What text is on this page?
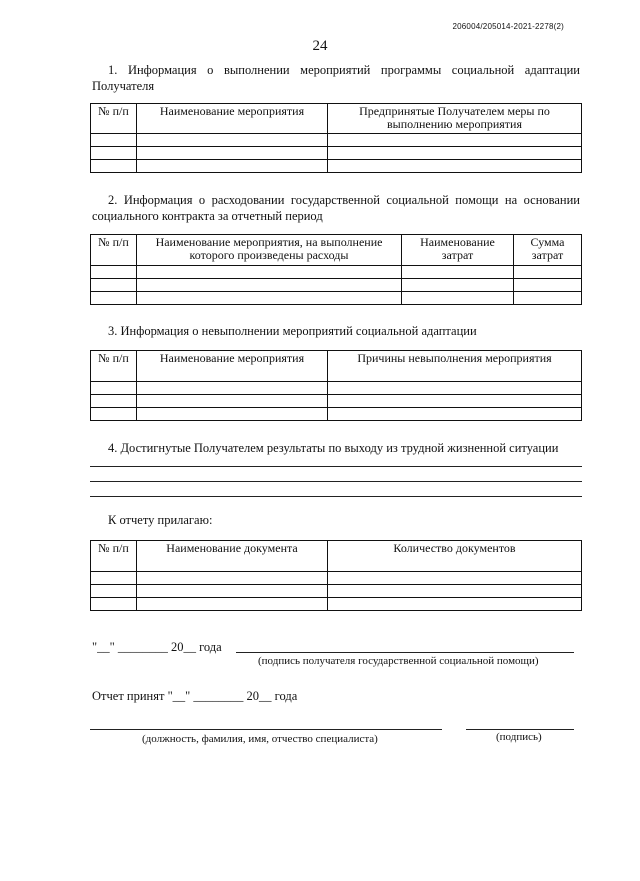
206004/205014-2021-2278(2)
24
1. Информация о выполнении мероприятий программы социальной адаптации Получателя
№ п/п	Наименование мероприятия	Предпринятые Получателем меры по выполнению мероприятия

2. Информация о расходовании государственной социальной помощи на основании социального контракта за отчетный период
№ п/п	Наименование мероприятия, на выполнение которого произведены расходы	Наименование затрат	Сумма затрат

3. Информация о невыполнении мероприятий социальной адаптации
№ п/п	Наименование мероприятия	Причины невыполнения мероприятия

4. Достигнутые Получателем результаты по выходу из трудной жизненной ситуации
К отчету прилагаю:
№ п/п	Наименование документа	Количество документов

"__" ________ 20__ года
(подпись получателя государственной социальной помощи)
Отчет принят "__" ________ 20__ года
(должность, фамилия, имя, отчество специалиста)	(подпись)
